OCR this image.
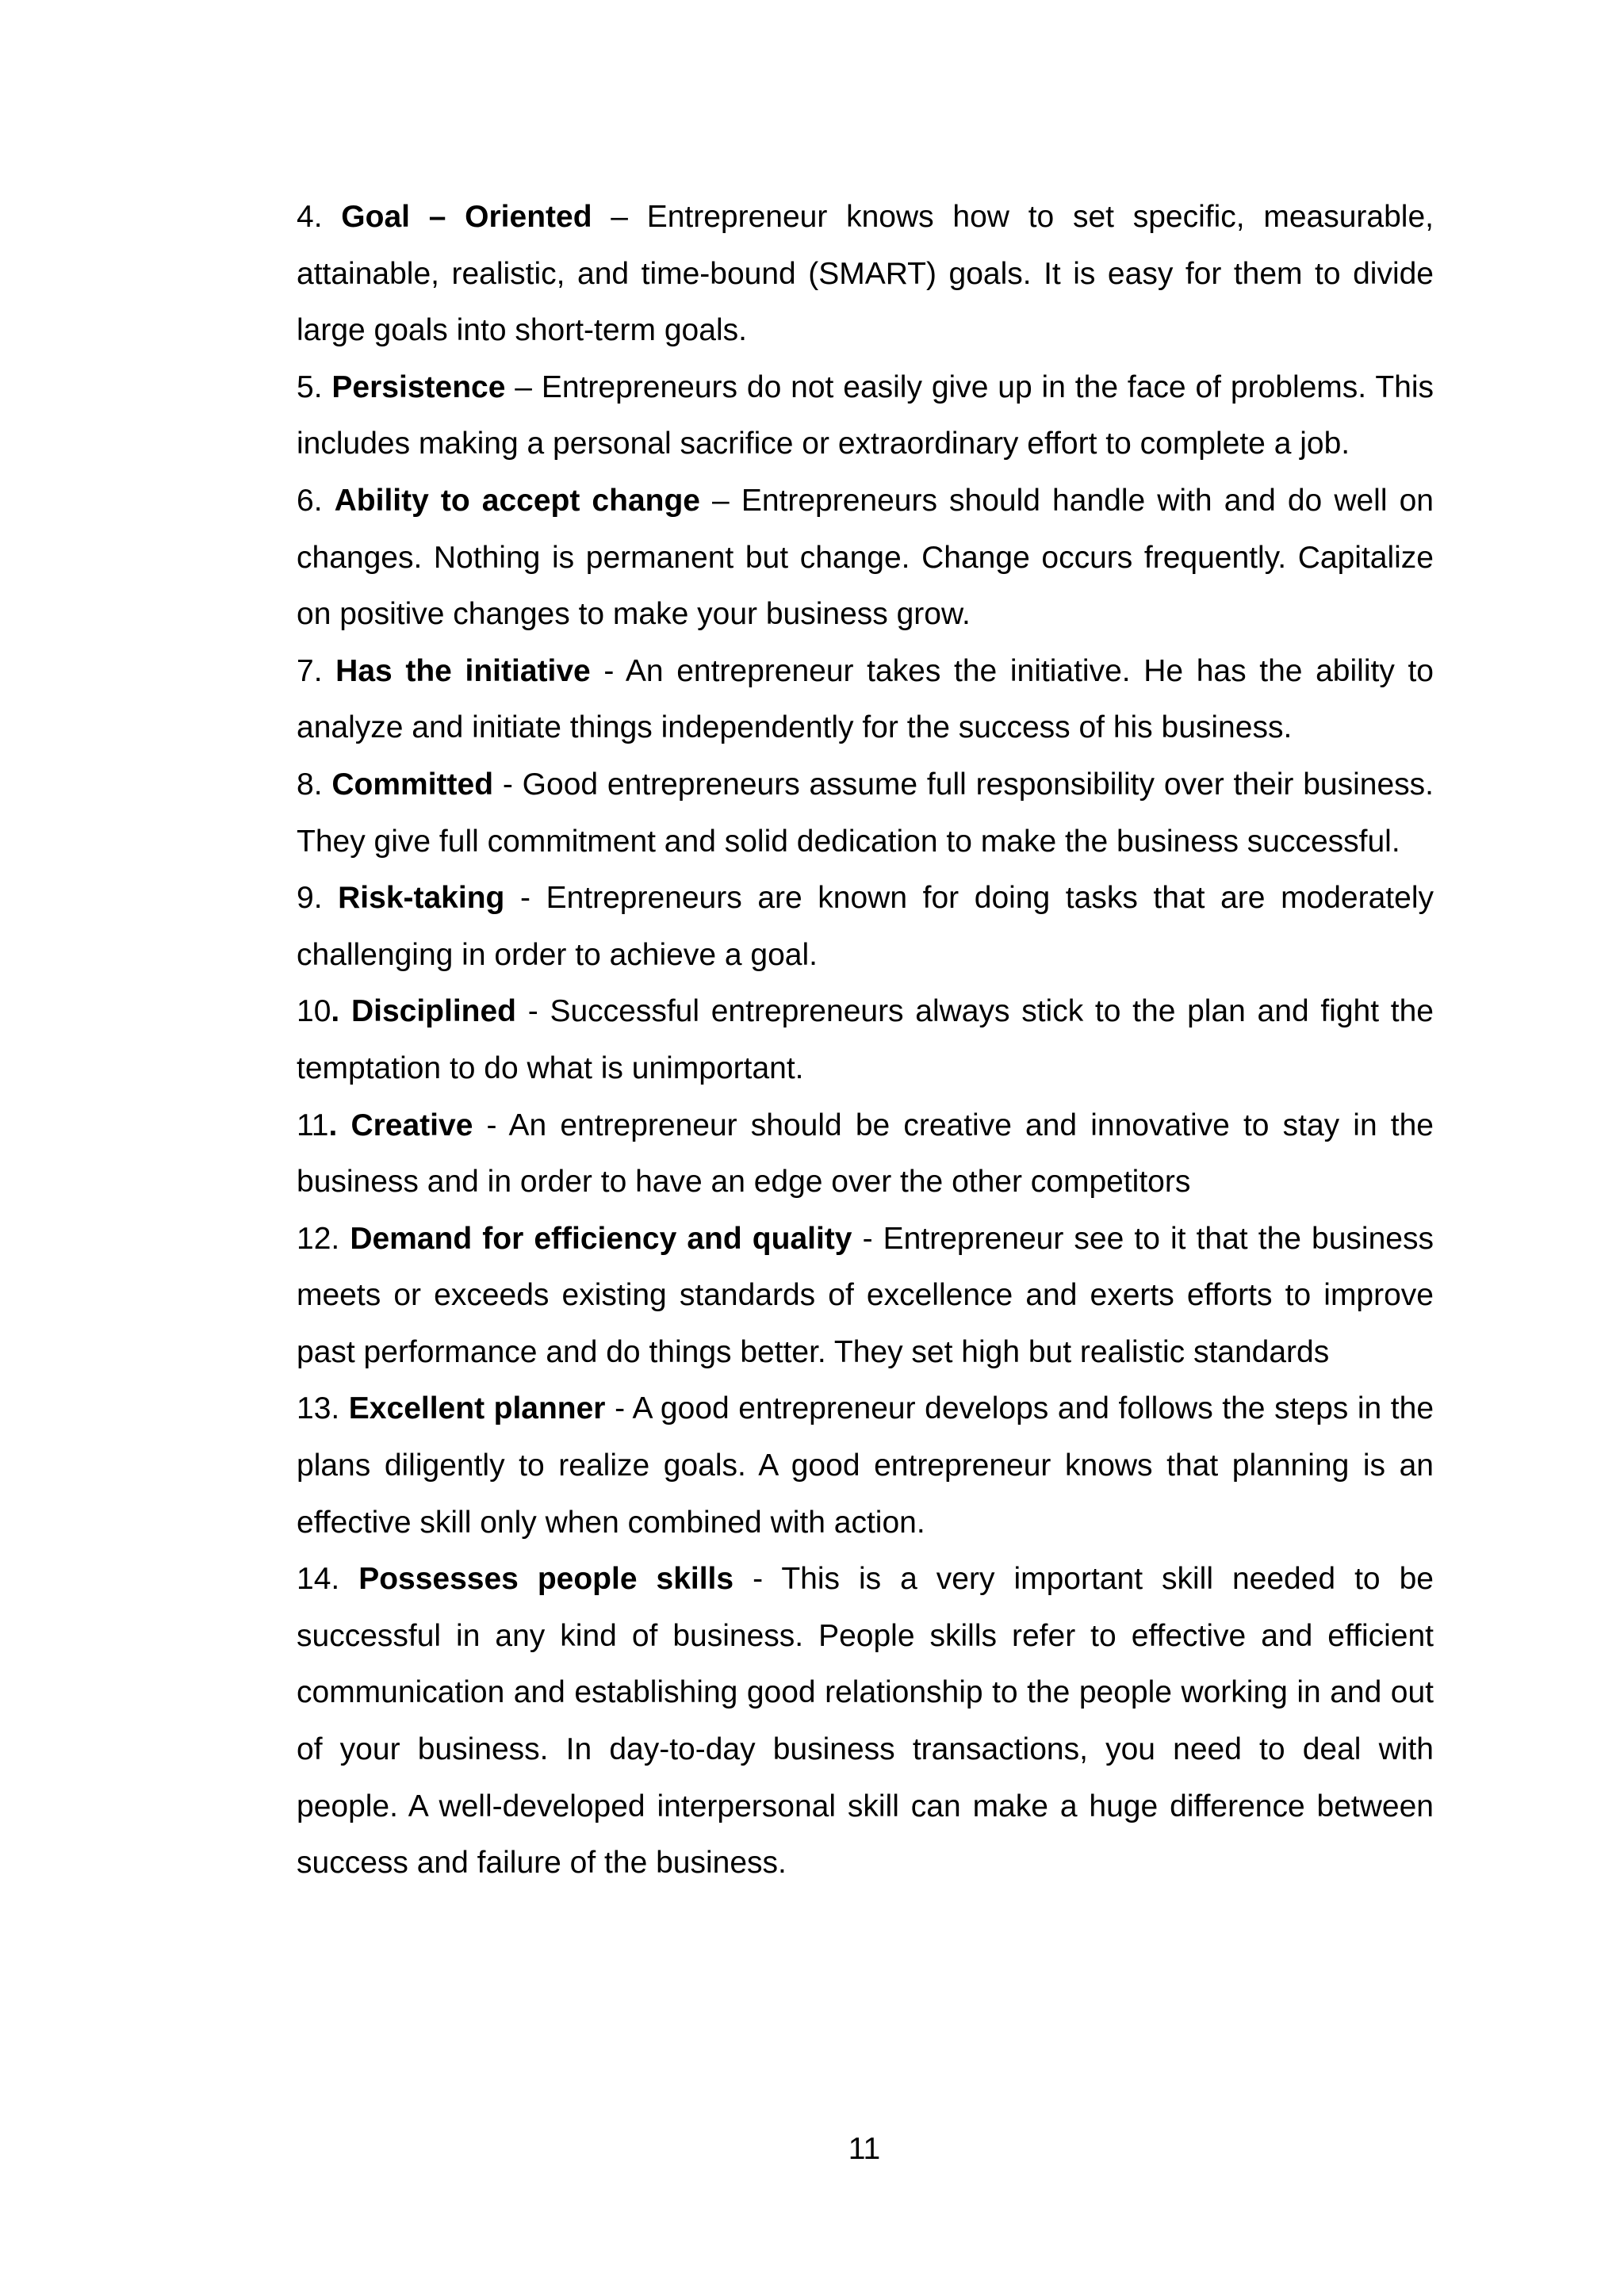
4. Goal – Oriented – Entrepreneur knows how to set specific, measurable, attainable, realistic, and time-bound (SMART) goals. It is easy for them to divide large goals into short-term goals.

5. Persistence – Entrepreneurs do not easily give up in the face of problems. This includes making a personal sacrifice or extraordinary effort to complete a job.

6. Ability to accept change – Entrepreneurs should handle with and do well on changes. Nothing is permanent but change. Change occurs frequently. Capitalize on positive changes to make your business grow.

7. Has the initiative - An entrepreneur takes the initiative. He has the ability to analyze and initiate things independently for the success of his business.

8. Committed - Good entrepreneurs assume full responsibility over their business. They give full commitment and solid dedication to make the business successful.

9. Risk-taking - Entrepreneurs are known for doing tasks that are moderately challenging in order to achieve a goal.

10. Disciplined - Successful entrepreneurs always stick to the plan and fight the temptation to do what is unimportant.

11. Creative - An entrepreneur should be creative and innovative to stay in the business and in order to have an edge over the other competitors

12. Demand for efficiency and quality - Entrepreneur see to it that the business meets or exceeds existing standards of excellence and exerts efforts to improve past performance and do things better. They set high but realistic standards

13. Excellent planner - A good entrepreneur develops and follows the steps in the plans diligently to realize goals. A good entrepreneur knows that planning is an effective skill only when combined with action.

14. Possesses people skills - This is a very important skill needed to be successful in any kind of business. People skills refer to effective and efficient communication and establishing good relationship to the people working in and out of your business. In day-to-day business transactions, you need to deal with people. A well-developed interpersonal skill can make a huge difference between success and failure of the business.

11
